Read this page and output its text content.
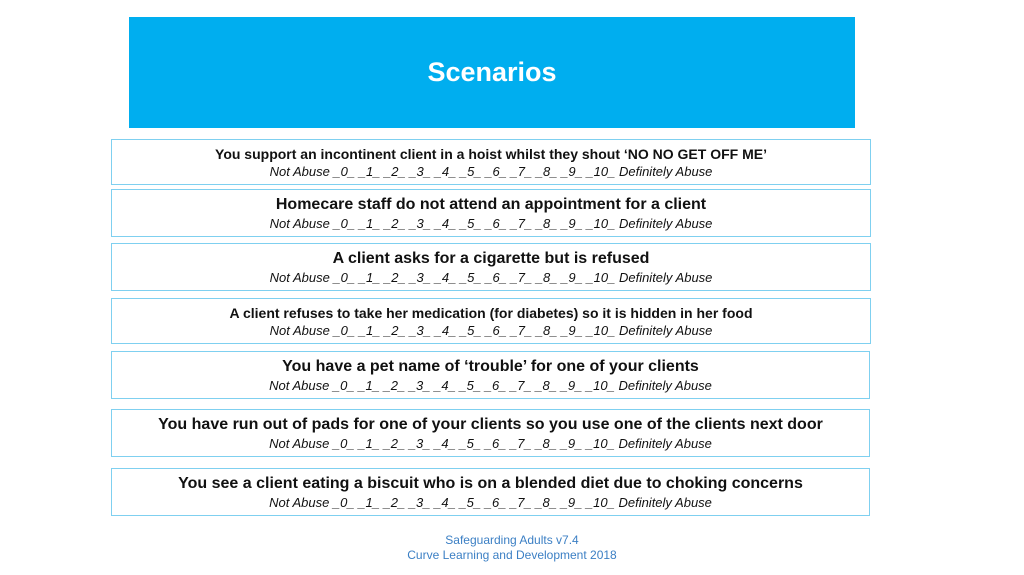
Scenarios
You support an incontinent client in a hoist whilst they shout ‘NO NO GET OFF ME’
Not Abuse _0_ _1_ _2_ _3_ _4_ _5_ _6_ _7_ _8_ _9_ _10_ Definitely Abuse
Homecare staff do not attend an appointment for a client
Not Abuse _0_ _1_ _2_ _3_ _4_ _5_ _6_ _7_ _8_ _9_ _10_ Definitely Abuse
A client asks for a cigarette but is refused
Not Abuse _0_ _1_ _2_ _3_ _4_ _5_ _6_ _7_ _8_ _9_ _10_ Definitely Abuse
A client refuses to take her medication (for diabetes) so it is hidden in her food
Not Abuse _0_ _1_ _2_ _3_ _4_ _5_ _6_ _7_ _8_ _9_ _10_ Definitely Abuse
You have a pet name of ‘trouble’ for one of your clients
Not Abuse _0_ _1_ _2_ _3_ _4_ _5_ _6_ _7_ _8_ _9_ _10_ Definitely Abuse
You have run out of pads for one of your clients so you use one of the clients next door
Not Abuse _0_ _1_ _2_ _3_ _4_ _5_ _6_ _7_ _8_ _9_ _10_ Definitely Abuse
You see a client eating a biscuit who is on a blended diet due to choking concerns
Not Abuse _0_ _1_ _2_ _3_ _4_ _5_ _6_ _7_ _8_ _9_ _10_ Definitely Abuse
Safeguarding Adults v7.4
Curve Learning and Development 2018
